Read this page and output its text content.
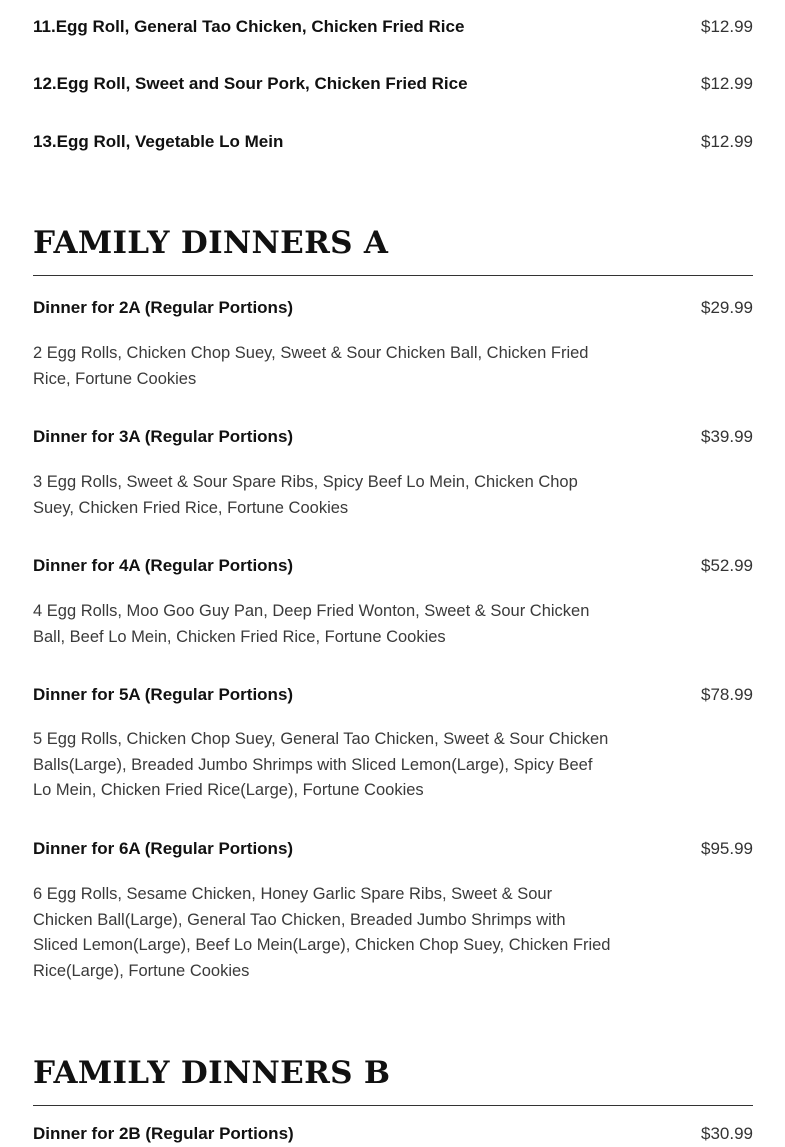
11.Egg Roll, General Tao Chicken, Chicken Fried Rice	$12.99
12.Egg Roll, Sweet and Sour Pork, Chicken Fried Rice	$12.99
13.Egg Roll, Vegetable Lo Mein	$12.99
FAMILY DINNERS A
Dinner for 2A (Regular Portions)	$29.99
2 Egg Rolls, Chicken Chop Suey, Sweet & Sour Chicken Ball, Chicken Fried Rice, Fortune Cookies
Dinner for 3A (Regular Portions)	$39.99
3 Egg Rolls, Sweet & Sour Spare Ribs, Spicy Beef Lo Mein, Chicken Chop Suey, Chicken Fried Rice, Fortune Cookies
Dinner for 4A (Regular Portions)	$52.99
4 Egg Rolls, Moo Goo Guy Pan, Deep Fried Wonton, Sweet & Sour Chicken Ball, Beef Lo Mein, Chicken Fried Rice, Fortune Cookies
Dinner for 5A (Regular Portions)	$78.99
5 Egg Rolls, Chicken Chop Suey, General Tao Chicken, Sweet & Sour Chicken Balls(Large), Breaded Jumbo Shrimps with Sliced Lemon(Large), Spicy Beef Lo Mein, Chicken Fried Rice(Large), Fortune Cookies
Dinner for 6A (Regular Portions)	$95.99
6 Egg Rolls, Sesame Chicken, Honey Garlic Spare Ribs, Sweet & Sour Chicken Ball(Large), General Tao Chicken, Breaded Jumbo Shrimps with Sliced Lemon(Large), Beef Lo Mein(Large), Chicken Chop Suey, Chicken Fried Rice(Large), Fortune Cookies
FAMILY DINNERS B
Dinner for 2B (Regular Portions)	$30.99
